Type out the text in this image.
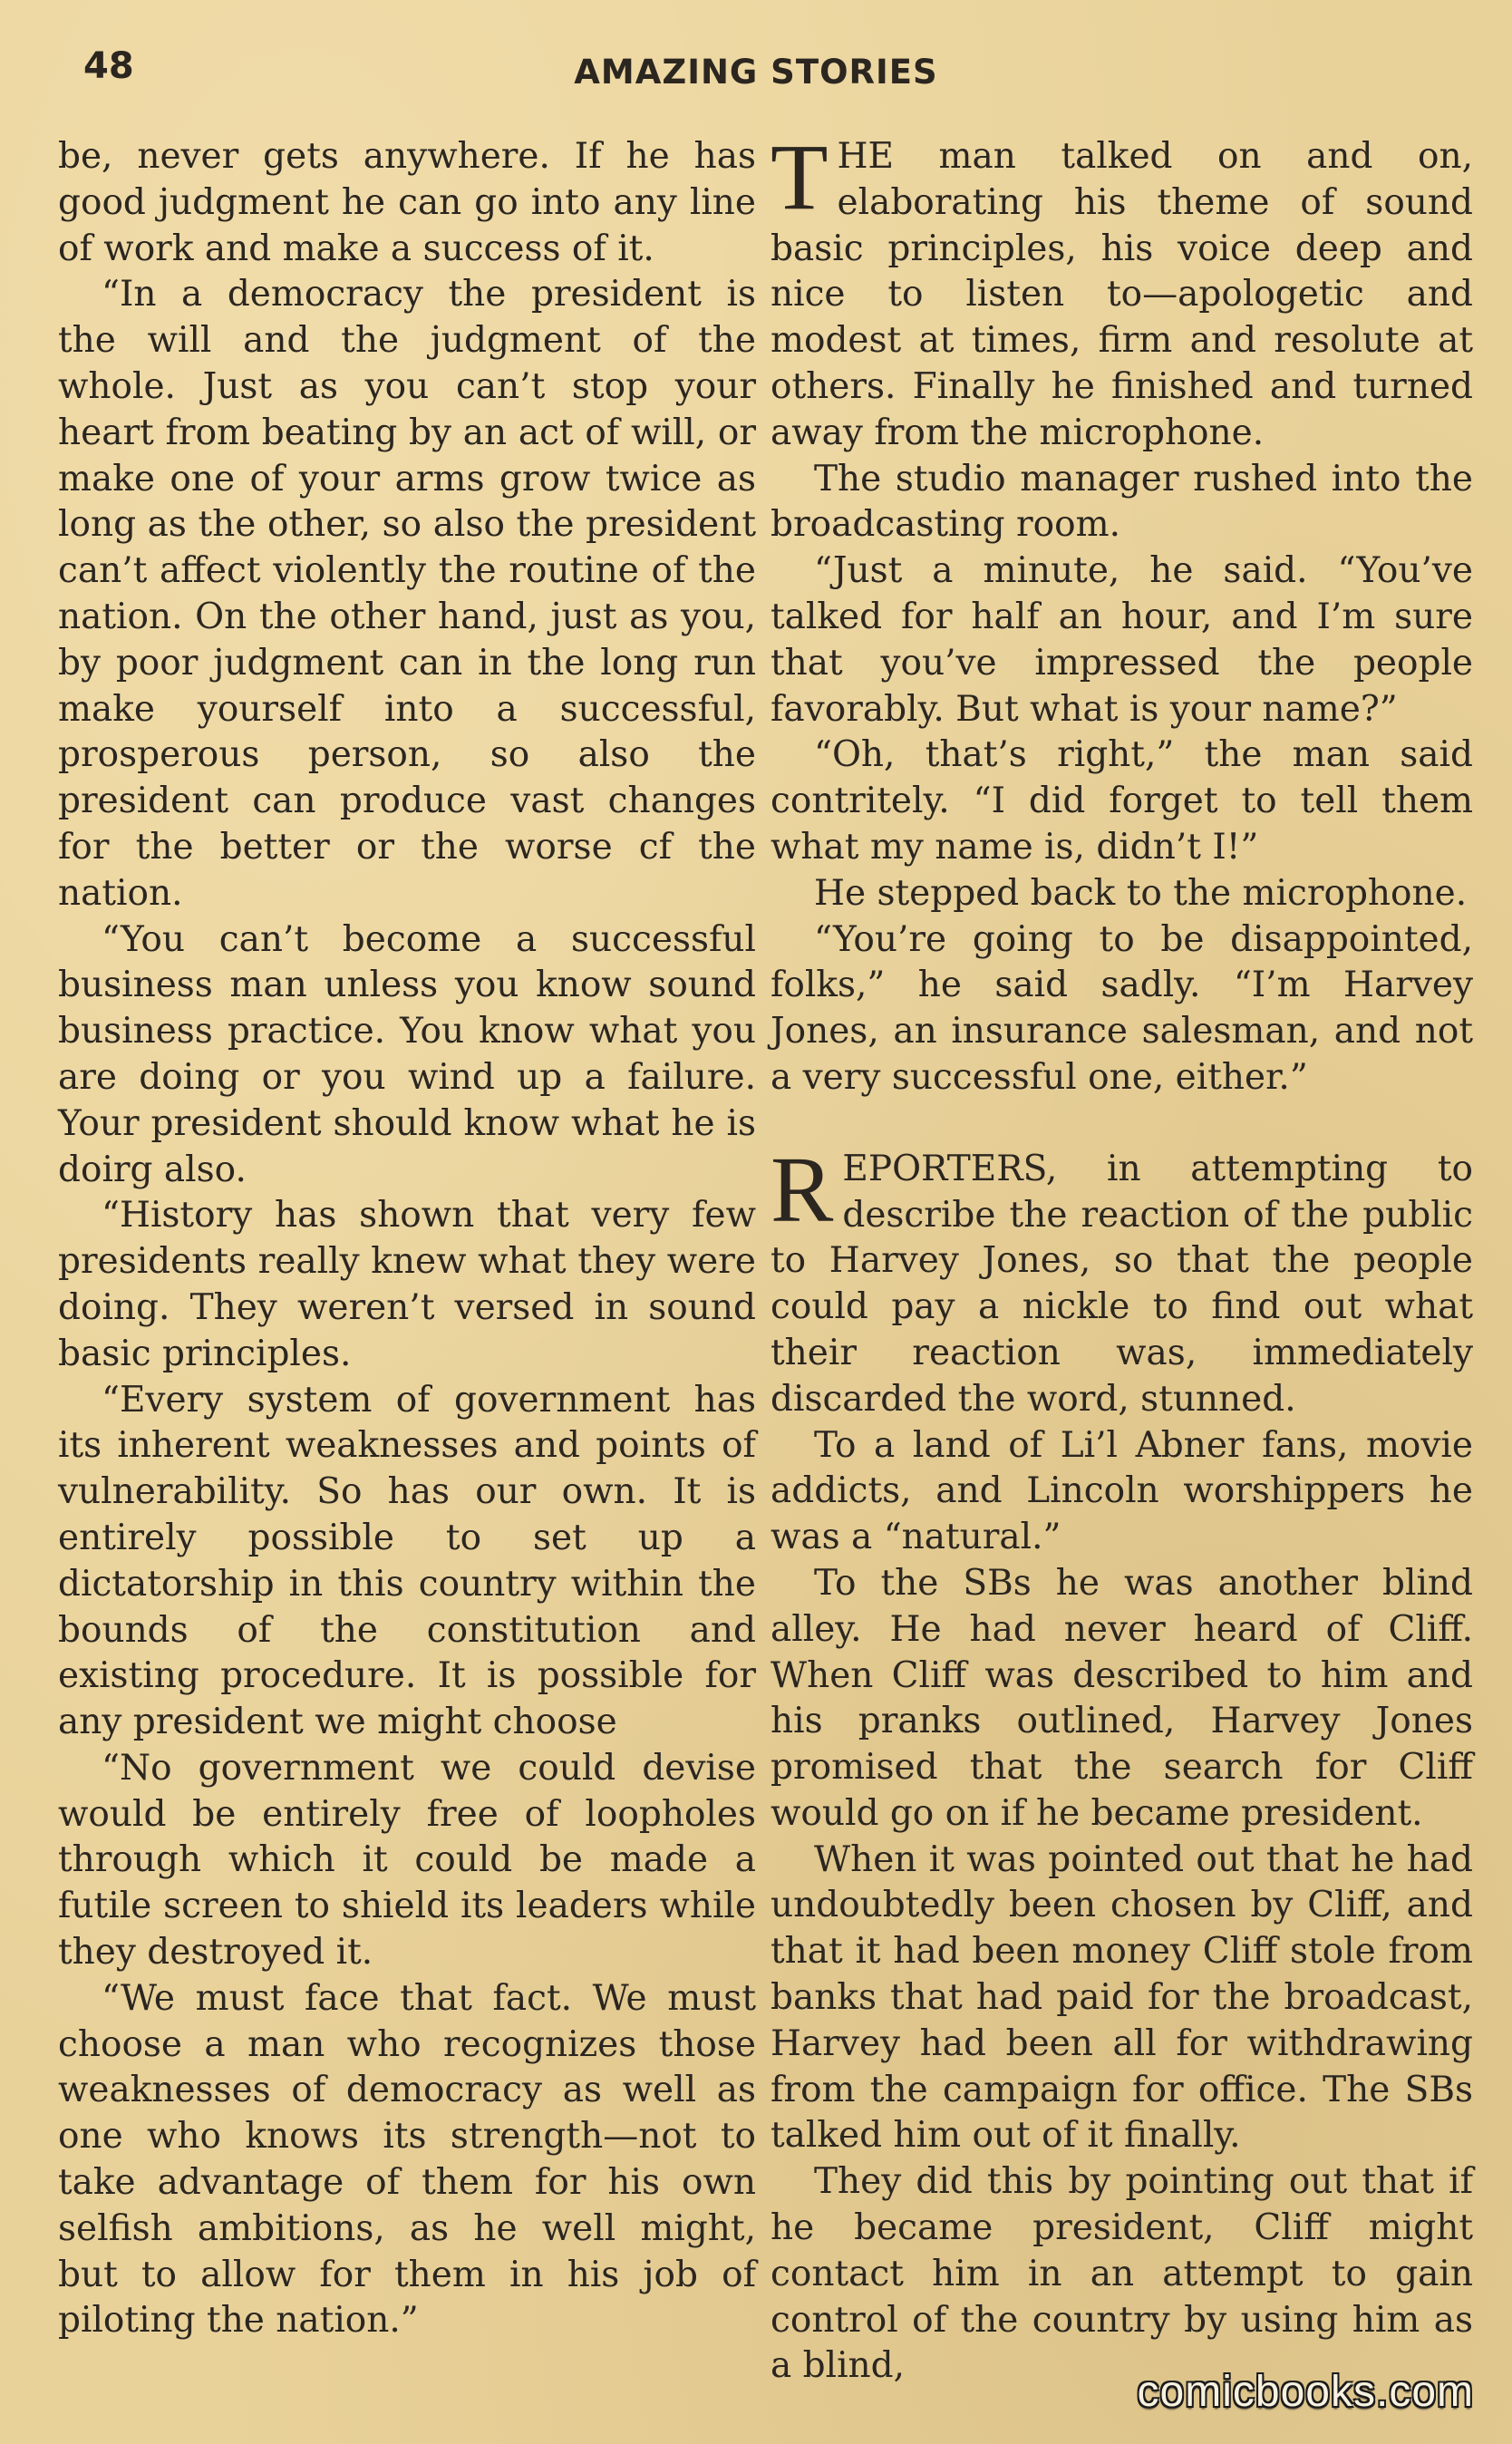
48	AMAZING STORIES

be, never gets anywhere. If he has good judgment he can go into any line of work and make a success of it.

“In a democracy the president is the will and the judgment of the whole. Just as you can’t stop your heart from beating by an act of will, or make one of your arms grow twice as long as the other, so also the president can’t affect violently the routine of the nation. On the other hand, just as you, by poor judgment can in the long run make yourself into a successful, prosperous person, so also the president can produce vast changes for the better or the worse cf the nation.

“You can’t become a successful business man unless you know sound business practice. You know what you are doing or you wind up a failure. Your president should know what he is doirg also.

“History has shown that very few presidents really knew what they were doing. They weren’t versed in sound basic principles.

“Every system of government has its inherent weaknesses and points of vulnerability. So has our own. It is entirely possible to set up a dictatorship in this country within the bounds of the constitution and existing procedure. It is possible for any president we might choose

“No government we could devise would be entirely free of loopholes through which it could be made a futile screen to shield its leaders while they destroyed it.

“We must face that fact. We must choose a man who recognizes those weaknesses of democracy as well as one who knows its strength—not to take advantage of them for his own selfish ambitions, as he well might, but to allow for them in his job of piloting the nation.”

THE man talked on and on, elaborating his theme of sound basic principles, his voice deep and nice to listen to—apologetic and modest at times, firm and resolute at others. Finally he finished and turned away from the microphone.

The studio manager rushed into the broadcasting room.

“Just a minute, he said. “You’ve talked for half an hour, and I’m sure that you’ve impressed the people favorably. But what is your name?”

“Oh, that’s right,” the man said contritely. “I did forget to tell them what my name is, didn’t I!”

He stepped back to the microphone.

“You’re going to be disappointed, folks,” he said sadly. “I’m Harvey Jones, an insurance salesman, and not a very successful one, either.”

REPORTERS, in attempting to describe the reaction of the public to Harvey Jones, so that the people could pay a nickle to find out what their reaction was, immediately discarded the word, stunned.

To a land of Li’l Abner fans, movie addicts, and Lincoln worshippers he was a “natural.”

To the SBs he was another blind alley. He had never heard of Cliff. When Cliff was described to him and his pranks outlined, Harvey Jones promised that the search for Cliff would go on if he became president.

When it was pointed out that he had undoubtedly been chosen by Cliff, and that it had been money Cliff stole from banks that had paid for the broadcast, Harvey had been all for withdrawing from the campaign for office. The SBs talked him out of it finally.

They did this by pointing out that if he became president, Cliff might contact him in an attempt to gain control of the country by using him as a blind,

comicbooks.com
